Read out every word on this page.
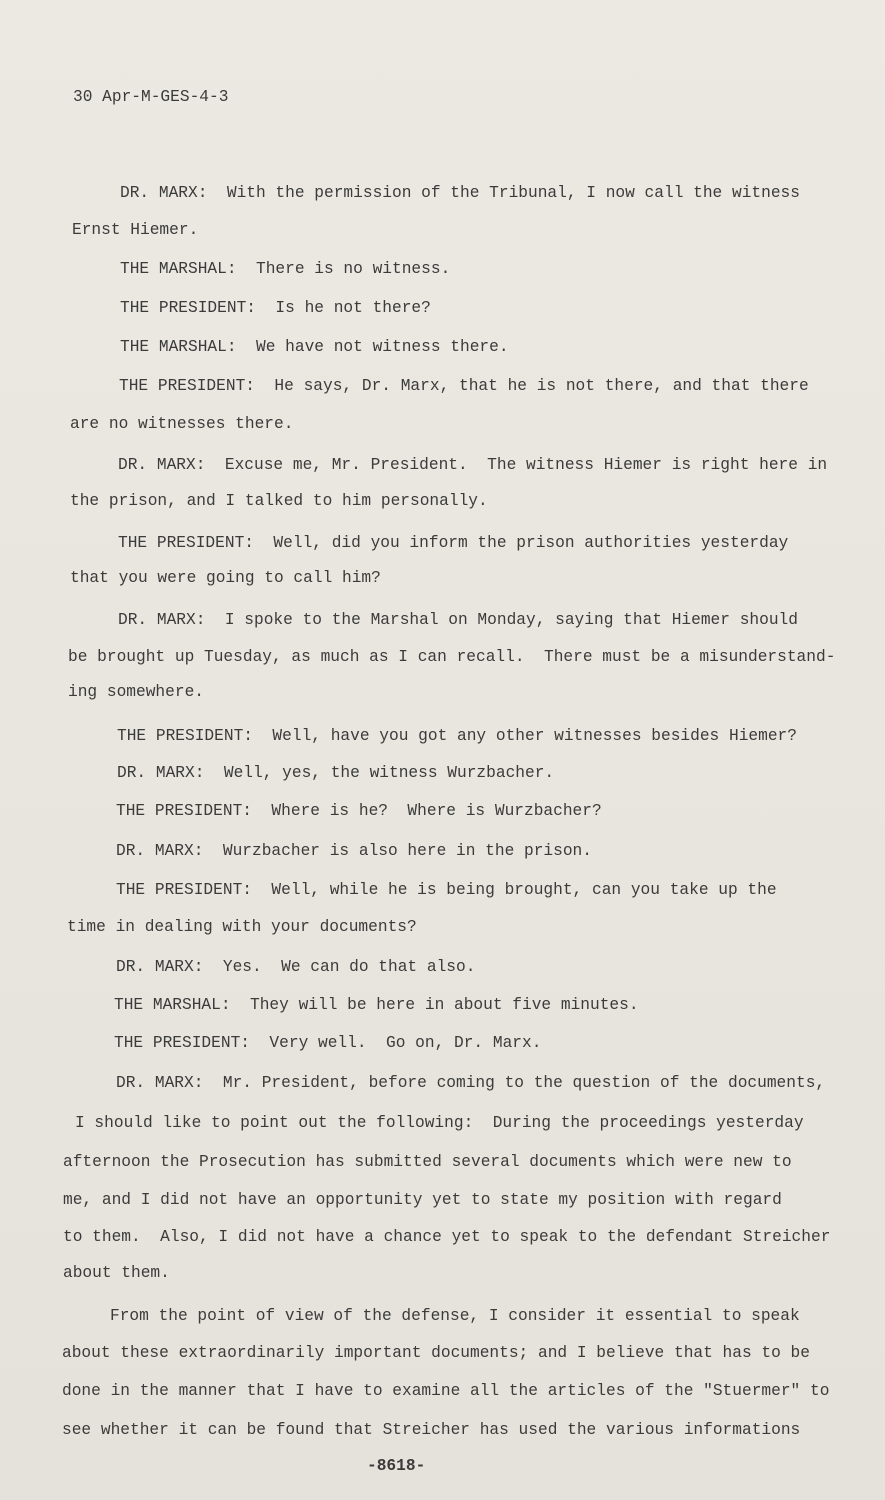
30 Apr-M-GES-4-3
DR. MARX:  With the permission of the Tribunal, I now call the witness
Ernst Hiemer.
THE MARSHAL:  There is no witness.
THE PRESIDENT:  Is he not there?
THE MARSHAL:  We have not witness there.
THE PRESIDENT:  He says, Dr. Marx, that he is not there, and that there
are no witnesses there.
DR. MARX:  Excuse me, Mr. President.  The witness Hiemer is right here in
the prison, and I talked to him personally.
THE PRESIDENT:  Well, did you inform the prison authorities yesterday
that you were going to call him?
DR. MARX:  I spoke to the Marshal on Monday, saying that Hiemer should
be brought up Tuesday, as much as I can recall.  There must be a misunderstand-
ing somewhere.
THE PRESIDENT:  Well, have you got any other witnesses besides Hiemer?
DR. MARX:  Well, yes, the witness Wurzbacher.
THE PRESIDENT:  Where is he?  Where is Wurzbacher?
DR. MARX:  Wurzbacher is also here in the prison.
THE PRESIDENT:  Well, while he is being brought, can you take up the
time in dealing with your documents?
DR. MARX:  Yes.  We can do that also.
THE MARSHAL:  They will be here in about five minutes.
THE PRESIDENT:  Very well.  Go on, Dr. Marx.
DR. MARX:  Mr. President, before coming to the question of the documents,
I should like to point out the following:  During the proceedings yesterday
afternoon the Prosecution has submitted several documents which were new to
me, and I did not have an opportunity yet to state my position with regard
to them.  Also, I did not have a chance yet to speak to the defendant Streicher
about them.
From the point of view of the defense, I consider it essential to speak
about these extraordinarily important documents; and I believe that has to be
done in the manner that I have to examine all the articles of the "Stuermer" to
see whether it can be found that Streicher has used the various informations
-8618-
